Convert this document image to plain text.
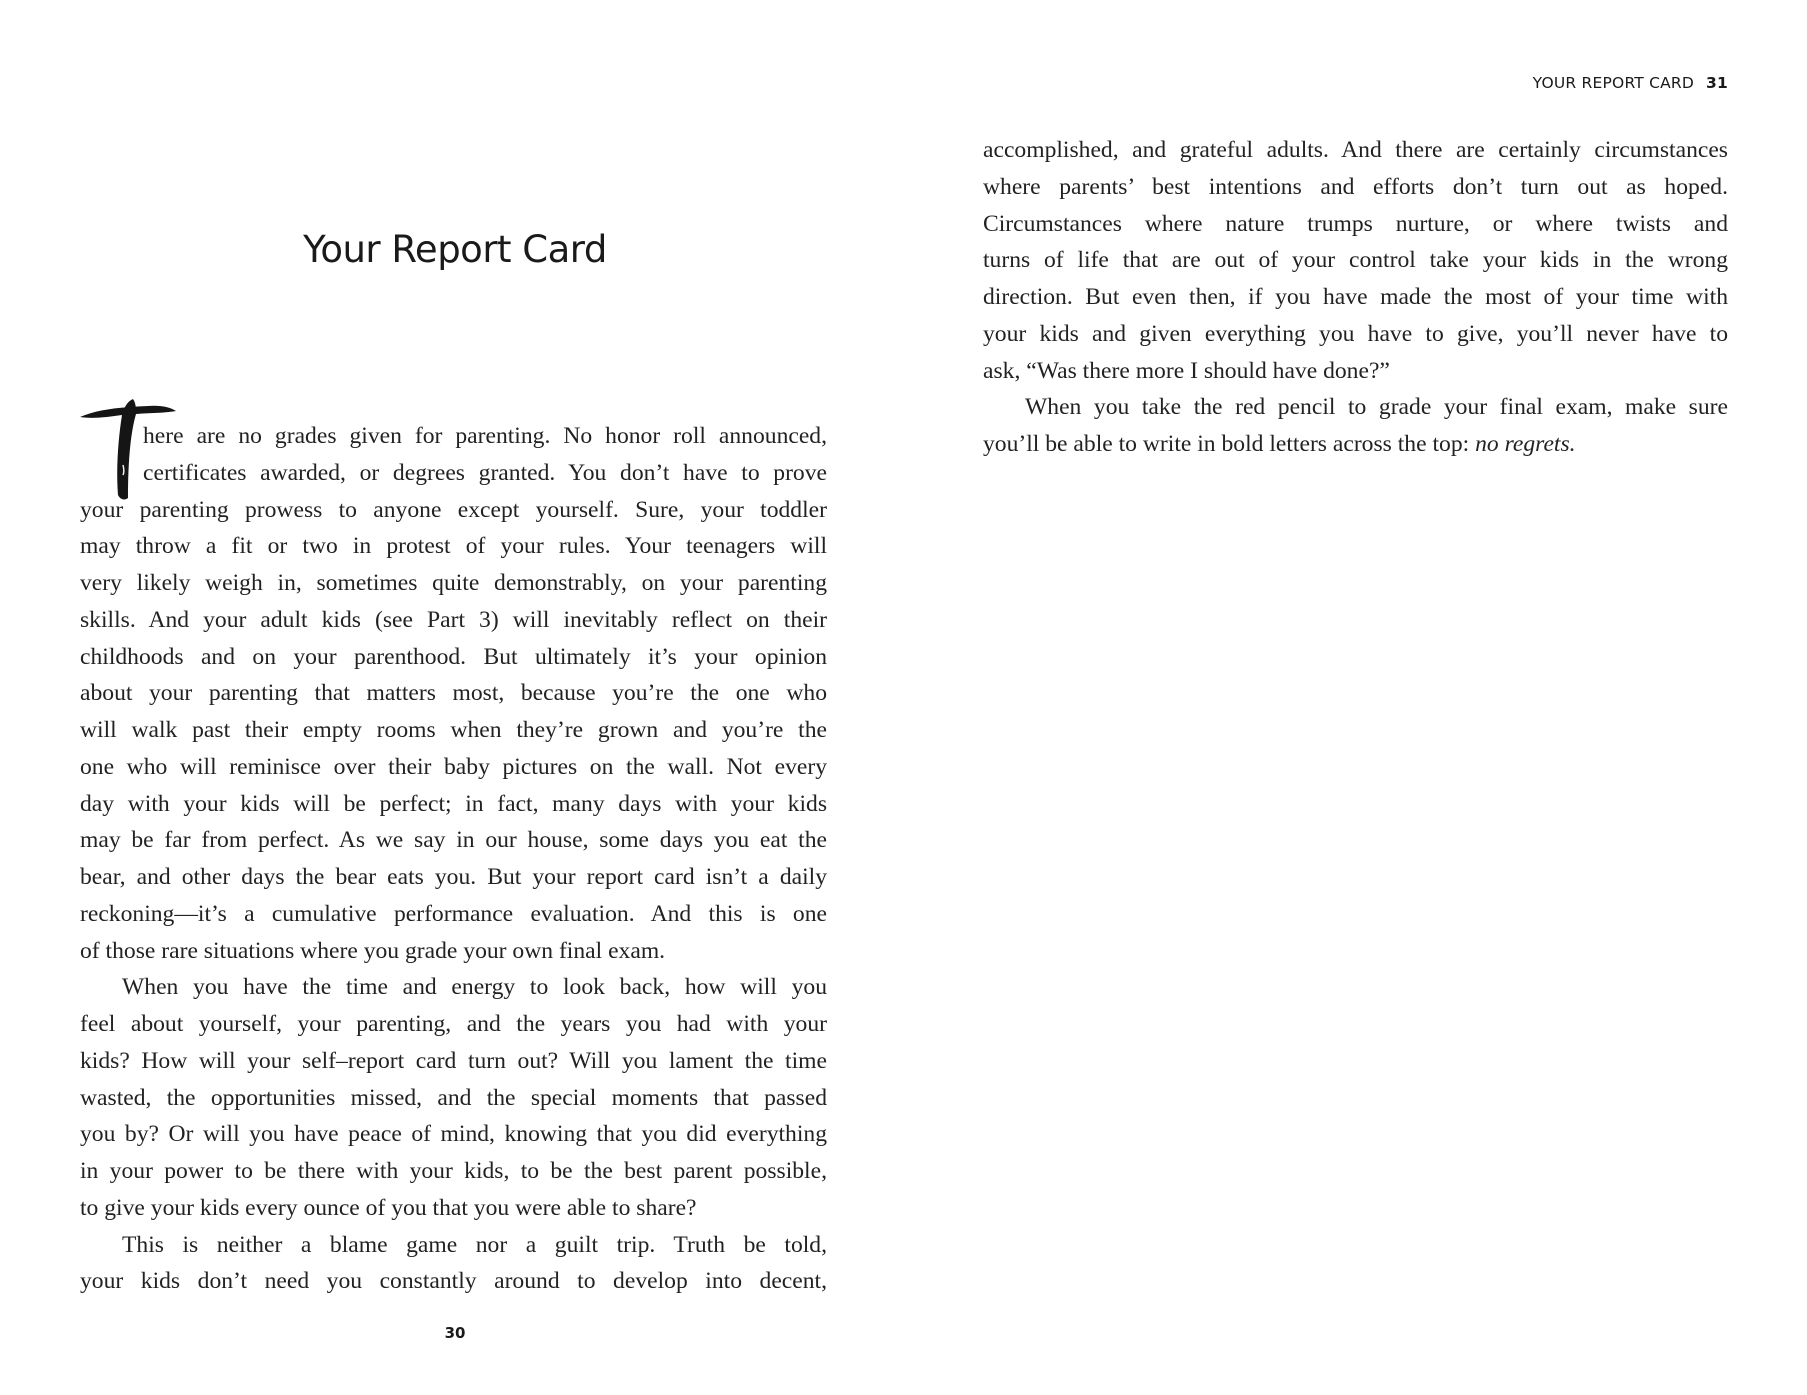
Your Report Card
here are no grades given for parenting. No honor roll announced,
certificates awarded, or degrees granted. You don’t have to prove
your parenting prowess to anyone except yourself. Sure, your toddler
may throw a fit or two in protest of your rules. Your teenagers will
very likely weigh in, sometimes quite demonstrably, on your parenting
skills. And your adult kids (see Part 3) will inevitably reflect on their
childhoods and on your parenthood. But ultimately it’s your opinion
about your parenting that matters most, because you’re the one who
will walk past their empty rooms when they’re grown and you’re the
one who will reminisce over their baby pictures on the wall. Not every
day with your kids will be perfect; in fact, many days with your kids
may be far from perfect. As we say in our house, some days you eat the
bear, and other days the bear eats you. But your report card isn’t a daily
reckoning—it’s a cumulative performance evaluation. And this is one
of those rare situations where you grade your own final exam.
When you have the time and energy to look back, how will you
feel about yourself, your parenting, and the years you had with your
kids? How will your self–report card turn out? Will you lament the time
wasted, the opportunities missed, and the special moments that passed
you by? Or will you have peace of mind, knowing that you did everything
in your power to be there with your kids, to be the best parent possible,
to give your kids every ounce of you that you were able to share?
This is neither a blame game nor a guilt trip. Truth be told,
your kids don’t need you constantly around to develop into decent,
30
YOUR REPORT CARD 31
accomplished, and grateful adults. And there are certainly circumstances
where parents’ best intentions and efforts don’t turn out as hoped.
Circumstances where nature trumps nurture, or where twists and
turns of life that are out of your control take your kids in the wrong
direction. But even then, if you have made the most of your time with
your kids and given everything you have to give, you’ll never have to
ask, “Was there more I should have done?”
When you take the red pencil to grade your final exam, make sure
you’ll be able to write in bold letters across the top: no regrets.
